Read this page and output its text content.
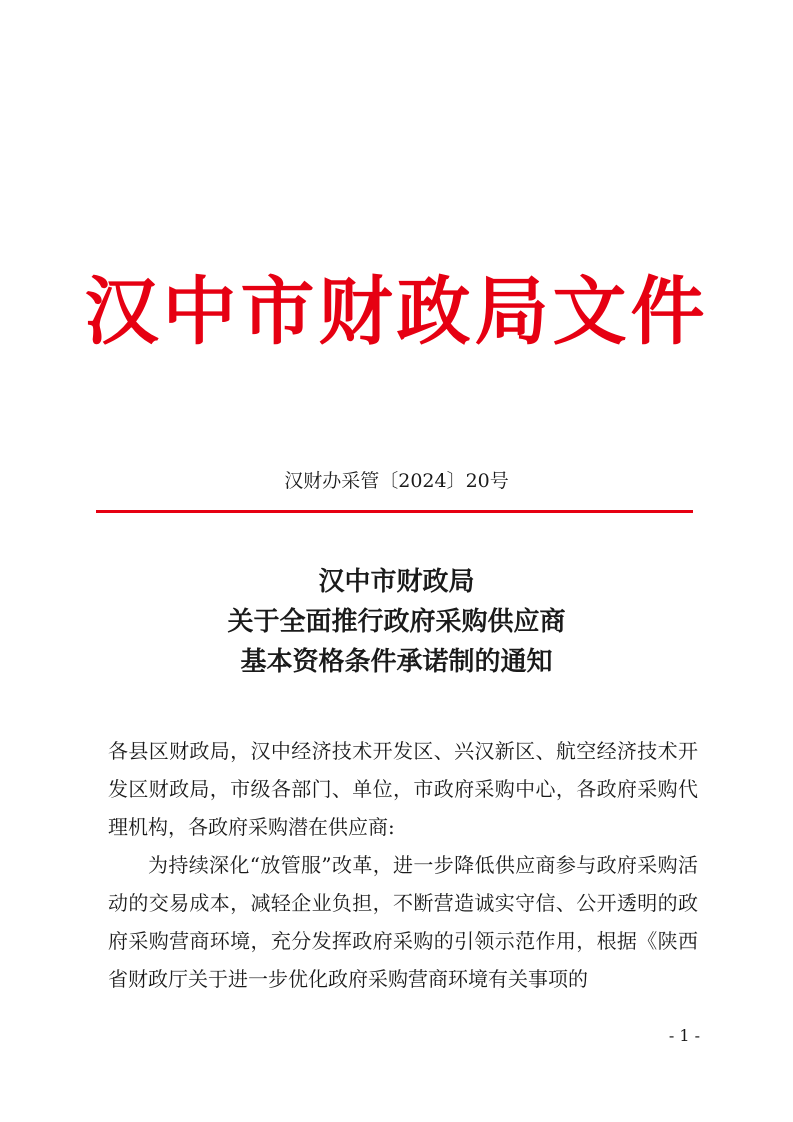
汉中市财政局文件
汉财办采管〔2024〕20号
汉中市财政局
关于全面推行政府采购供应商
基本资格条件承诺制的通知

各县区财政局，汉中经济技术开发区、兴汉新区、航空经济技术开发区财政局，市级各部门、单位，市政府采购中心，各政府采购代理机构，各政府采购潜在供应商:

为持续深化“放管服”改革，进一步降低供应商参与政府采购活动的交易成本，减轻企业负担，不断营造诚实守信、公开透明的政府采购营商环境，充分发挥政府采购的引领示范作用，根据《陕西省财政厅关于进一步优化政府采购营商环境有关事项的

- 1 -
